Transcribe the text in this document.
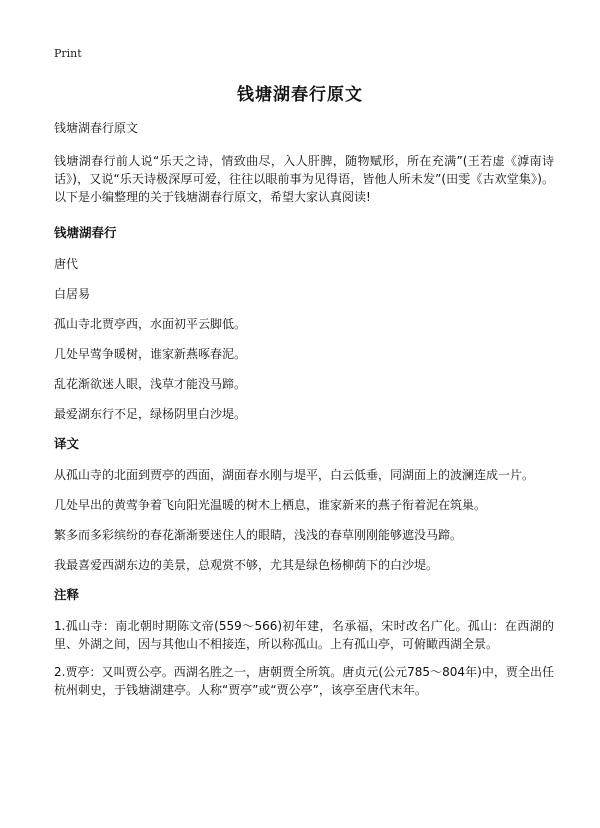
Print
钱塘湖春行原文

钱塘湖春行原文

钱塘湖春行前人说“乐天之诗，情致曲尽，入人肝脾，随物赋形，所在充满”(王若虚《滹南诗话》)，又说“乐天诗极深厚可爱，往往以眼前事为见得语，皆他人所未发”(田雯《古欢堂集》)。以下是小编整理的关于钱塘湖春行原文，希望大家认真阅读!

钱塘湖春行

唐代

白居易

孤山寺北贾亭西，水面初平云脚低。

几处早莺争暖树，谁家新燕啄春泥。

乱花渐欲迷人眼，浅草才能没马蹄。

最爱湖东行不足，绿杨阴里白沙堤。

译文

从孤山寺的北面到贾亭的西面，湖面春水刚与堤平，白云低垂，同湖面上的波澜连成一片。

几处早出的黄莺争着飞向阳光温暖的树木上栖息，谁家新来的燕子衔着泥在筑巢。

繁多而多彩缤纷的春花渐渐要迷住人的眼睛，浅浅的春草刚刚能够遮没马蹄。

我最喜爱西湖东边的美景，总观赏不够，尤其是绿色杨柳荫下的白沙堤。

注释

1.孤山寺：南北朝时期陈文帝(559～566)初年建，名承福，宋时改名广化。孤山：在西湖的里、外湖之间，因与其他山不相接连，所以称孤山。上有孤山亭，可俯瞰西湖全景。

2.贾亭：又叫贾公亭。西湖名胜之一，唐朝贾全所筑。唐贞元(公元785～804年)中，贾全出任杭州刺史，于钱塘湖建亭。人称“贾亭”或“贾公亭”，该亭至唐代末年。
